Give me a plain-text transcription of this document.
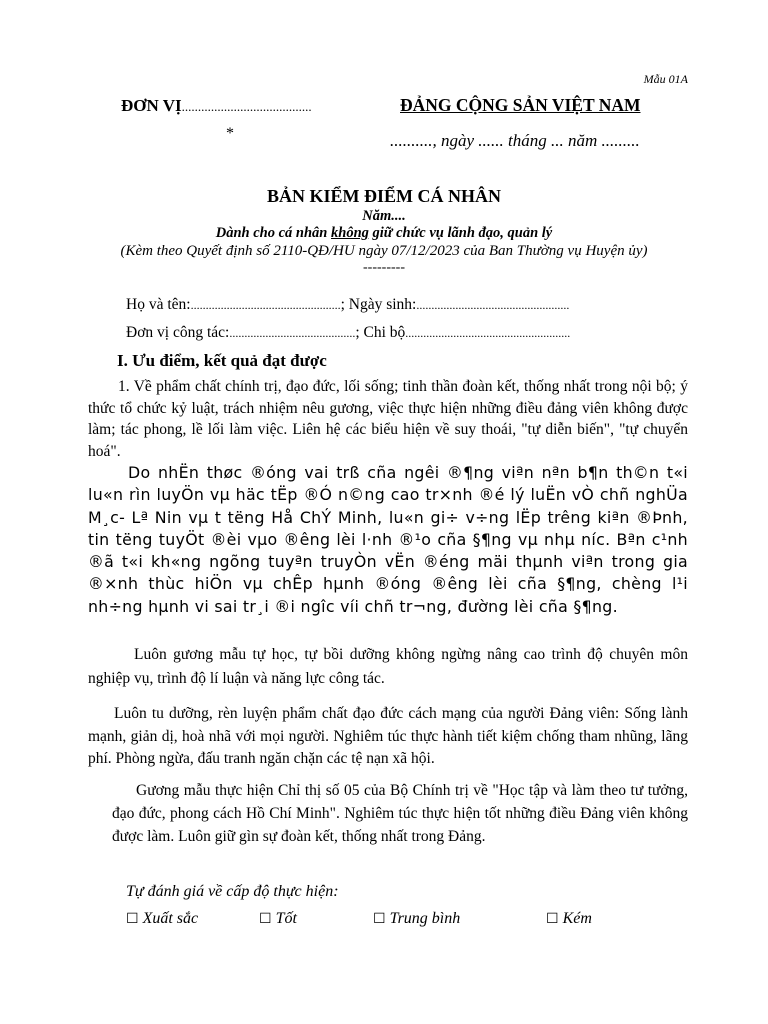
Mẫu 01A
ĐƠN VỊ........................................
*
ĐẢNG CỘNG SẢN VIỆT NAM
.........., ngày ...... tháng ... năm .........
BẢN KIỂM ĐIỂM CÁ NHÂN
Năm....
Dành cho cá nhân không giữ chức vụ lãnh đạo, quản lý
(Kèm theo Quyết định số 2110-QĐ/HU ngày 07/12/2023 của Ban Thường vụ Huyện ủy)
---------
Họ và tên:..................................................; Ngày sinh:...................................................
Đơn vị công tác:..........................................; Chi bộ.......................................................
I. Ưu điểm, kết quả đạt được
1. Về phẩm chất chính trị, đạo đức, lối sống; tinh thần đoàn kết, thống nhất trong nội bộ; ý thức tổ chức kỷ luật, trách nhiệm nêu gương, việc thực hiện những điều đảng viên không được làm; tác phong, lề lối làm việc. Liên hệ các biểu hiện về suy thoái, "tự diễn biến", "tự chuyển hoá".
Do nhËn thøc ®óng vai trß cña ngêi ®¶ng viªn nªn b¶n th©n t«i lu«n rìn luyÖn vµ häc tËp ®Ó n©ng cao tr×nh ®é lý luËn vÒ chñ nghÜa M¸c- Lª Nin vµ t tëng Hå ChÝ Minh, lu«n gi÷ v÷ng lËp trêng kiªn ®Þnh, tin tëng tuyÖt ®èi vµo ®êng lèi l·nh ®¹o cña §¶ng vµ nhµ níc. Bªn c¹nh ®ã t«i kh«ng ngõng tuyªn truyÒn vËn ®éng mäi thµnh viªn trong gia ®×nh thùc hiÖn vµ chÊp hµnh ®óng ®êng lèi cña §¶ng, chèng l¹i nh÷ng hµnh vi sai tr¸i ®i ngîc víi chñ tr¬ng, đường lèi cña §¶ng.
Luôn gương mẫu tự học, tự bồi dưỡng không ngừng nâng cao trình độ chuyên môn nghiệp vụ, trình độ lí luận và năng lực công tác.
Luôn tu dưỡng, rèn luyện phẩm chất đạo đức cách mạng của người Đảng viên: Sống lành mạnh, giản dị, hoà nhã với mọi người. Nghiêm túc thực hành tiết kiệm chống tham nhũng, lãng phí. Phòng ngừa, đấu tranh ngăn chặn các tệ nạn xã hội.
Gương mẫu thực hiện Chỉ thị số 05 của Bộ Chính trị về "Học tập và làm theo tư tưởng, đạo đức, phong cách Hồ Chí Minh". Nghiêm túc thực hiện tốt những điều Đảng viên không được làm. Luôn giữ gìn sự đoàn kết, thống nhất trong Đảng.
Tự đánh giá về cấp độ thực hiện:
☐ Xuất sắc	☐ Tốt	☐ Trung bình	☐ Kém
